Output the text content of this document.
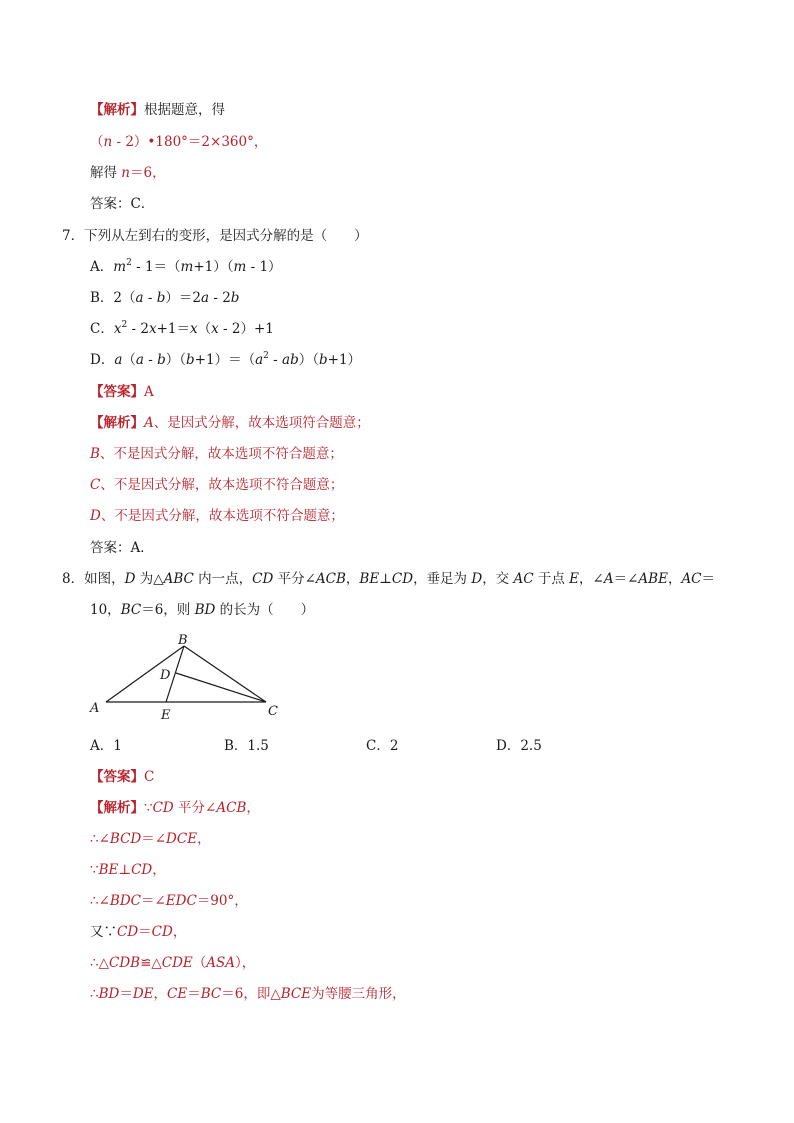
【解析】根据题意，得
（n - 2）•180°＝2×360°，
解得 n＝6，
答案：C．
7．下列从左到右的变形，是因式分解的是（　　）
A．$m^2 - 1=(m+1)(m - 1)$
B．2（a - b）＝2a - 2b
C．$x^2 - 2x+1=x(x - 2)+1$
D．$a(a - b)(b+1)=(a^2 - ab)(b+1)$
【答案】A
【解析】A、是因式分解，故本选项符合题意；
B、不是因式分解，故本选项不符合题意；
C、不是因式分解，故本选项不符合题意；
D、不是因式分解，故本选项不符合题意；
答案：A．
8．如图，D 为△ABC 内一点，CD 平分∠ACB，BE⊥CD，垂足为 D，交 AC 于点 E，∠A＝∠ABE，AC＝
10，BC＝6，则 BD 的长为（　　）
B
D
A	E	C
A．1	B．1.5	C．2	D．2.5
【答案】C
【解析】∵CD 平分∠ACB，
∴∠BCD＝∠DCE，
∵BE⊥CD，
∴∠BDC＝∠EDC＝90°，
又∵CD＝CD，
∴△CDB≌△CDE（ASA），
∴BD＝DE，CE＝BC＝6，即△BCE为等腰三角形，
